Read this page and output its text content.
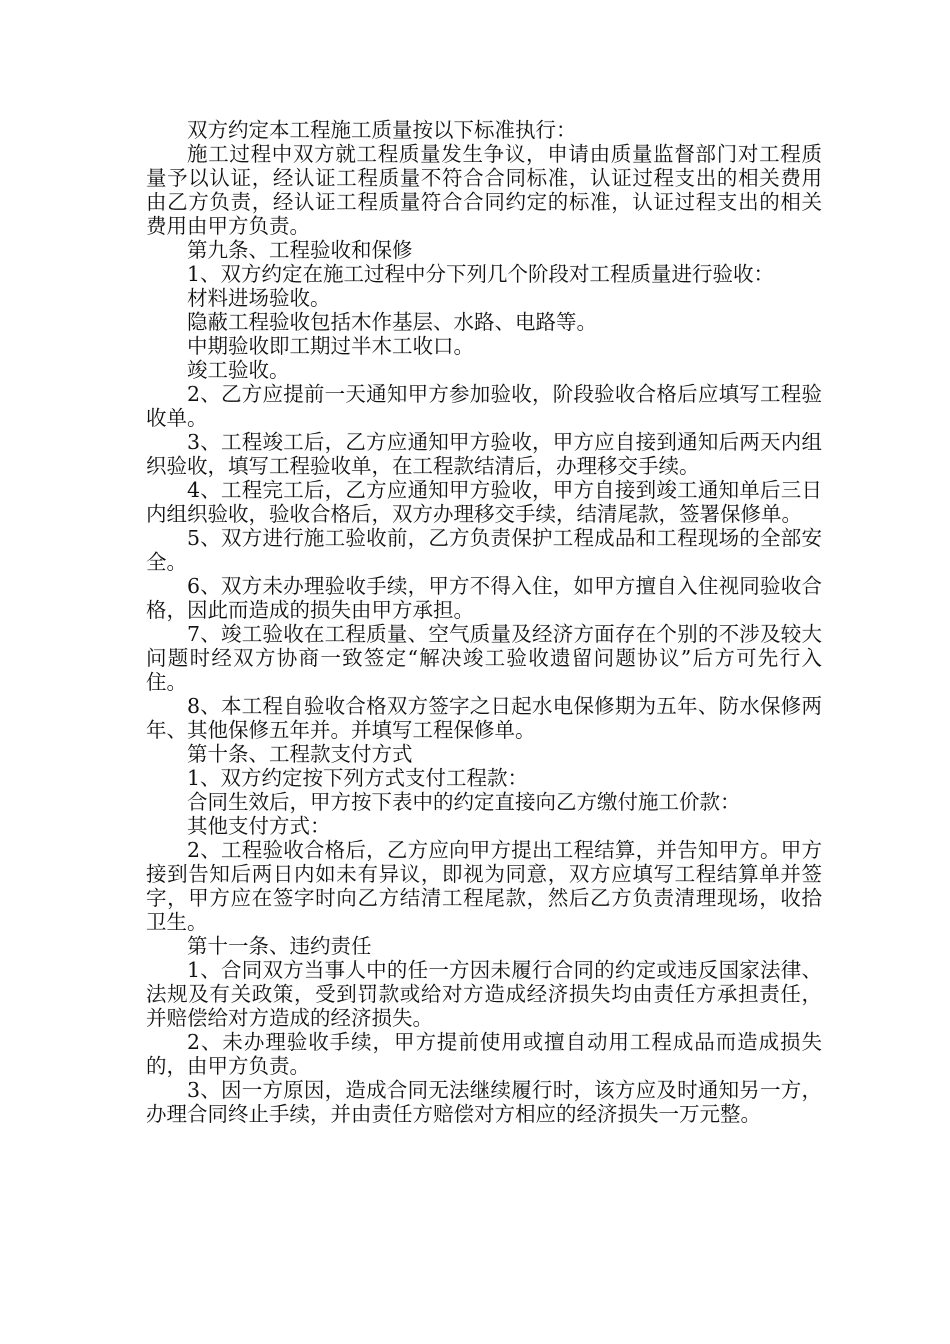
双方约定本工程施工质量按以下标准执行：

施工过程中双方就工程质量发生争议，申请由质量监督部门对工程质量予以认证，经认证工程质量不符合合同标准，认证过程支出的相关费用由乙方负责，经认证工程质量符合合同约定的标准，认证过程支出的相关费用由甲方负责。

第九条、工程验收和保修

1、双方约定在施工过程中分下列几个阶段对工程质量进行验收：

材料进场验收。

隐蔽工程验收包括木作基层、水路、电路等。

中期验收即工期过半木工收口。

竣工验收。

2、乙方应提前一天通知甲方参加验收，阶段验收合格后应填写工程验收单。

3、工程竣工后，乙方应通知甲方验收，甲方应自接到通知后两天内组织验收，填写工程验收单，在工程款结清后，办理移交手续。

4、工程完工后，乙方应通知甲方验收，甲方自接到竣工通知单后三日内组织验收，验收合格后，双方办理移交手续，结清尾款，签署保修单。

5、双方进行施工验收前，乙方负责保护工程成品和工程现场的全部安全。

6、双方未办理验收手续，甲方不得入住，如甲方擅自入住视同验收合格，因此而造成的损失由甲方承担。

7、竣工验收在工程质量、空气质量及经济方面存在个别的不涉及较大问题时经双方协商一致签定“解决竣工验收遗留问题协议”后方可先行入住。

8、本工程自验收合格双方签字之日起水电保修期为五年、防水保修两年、其他保修五年并。并填写工程保修单。

第十条、工程款支付方式

1、双方约定按下列方式支付工程款：

合同生效后，甲方按下表中的约定直接向乙方缴付施工价款：

其他支付方式：

2、工程验收合格后，乙方应向甲方提出工程结算，并告知甲方。甲方接到告知后两日内如未有异议，即视为同意，双方应填写工程结算单并签字，甲方应在签字时向乙方结清工程尾款，然后乙方负责清理现场，收拾卫生。

第十一条、违约责任

1、合同双方当事人中的任一方因未履行合同的约定或违反国家法律、法规及有关政策，受到罚款或给对方造成经济损失均由责任方承担责任，并赔偿给对方造成的经济损失。

2、未办理验收手续，甲方提前使用或擅自动用工程成品而造成损失的，由甲方负责。

3、因一方原因，造成合同无法继续履行时，该方应及时通知另一方，办理合同终止手续，并由责任方赔偿对方相应的经济损失一万元整。
